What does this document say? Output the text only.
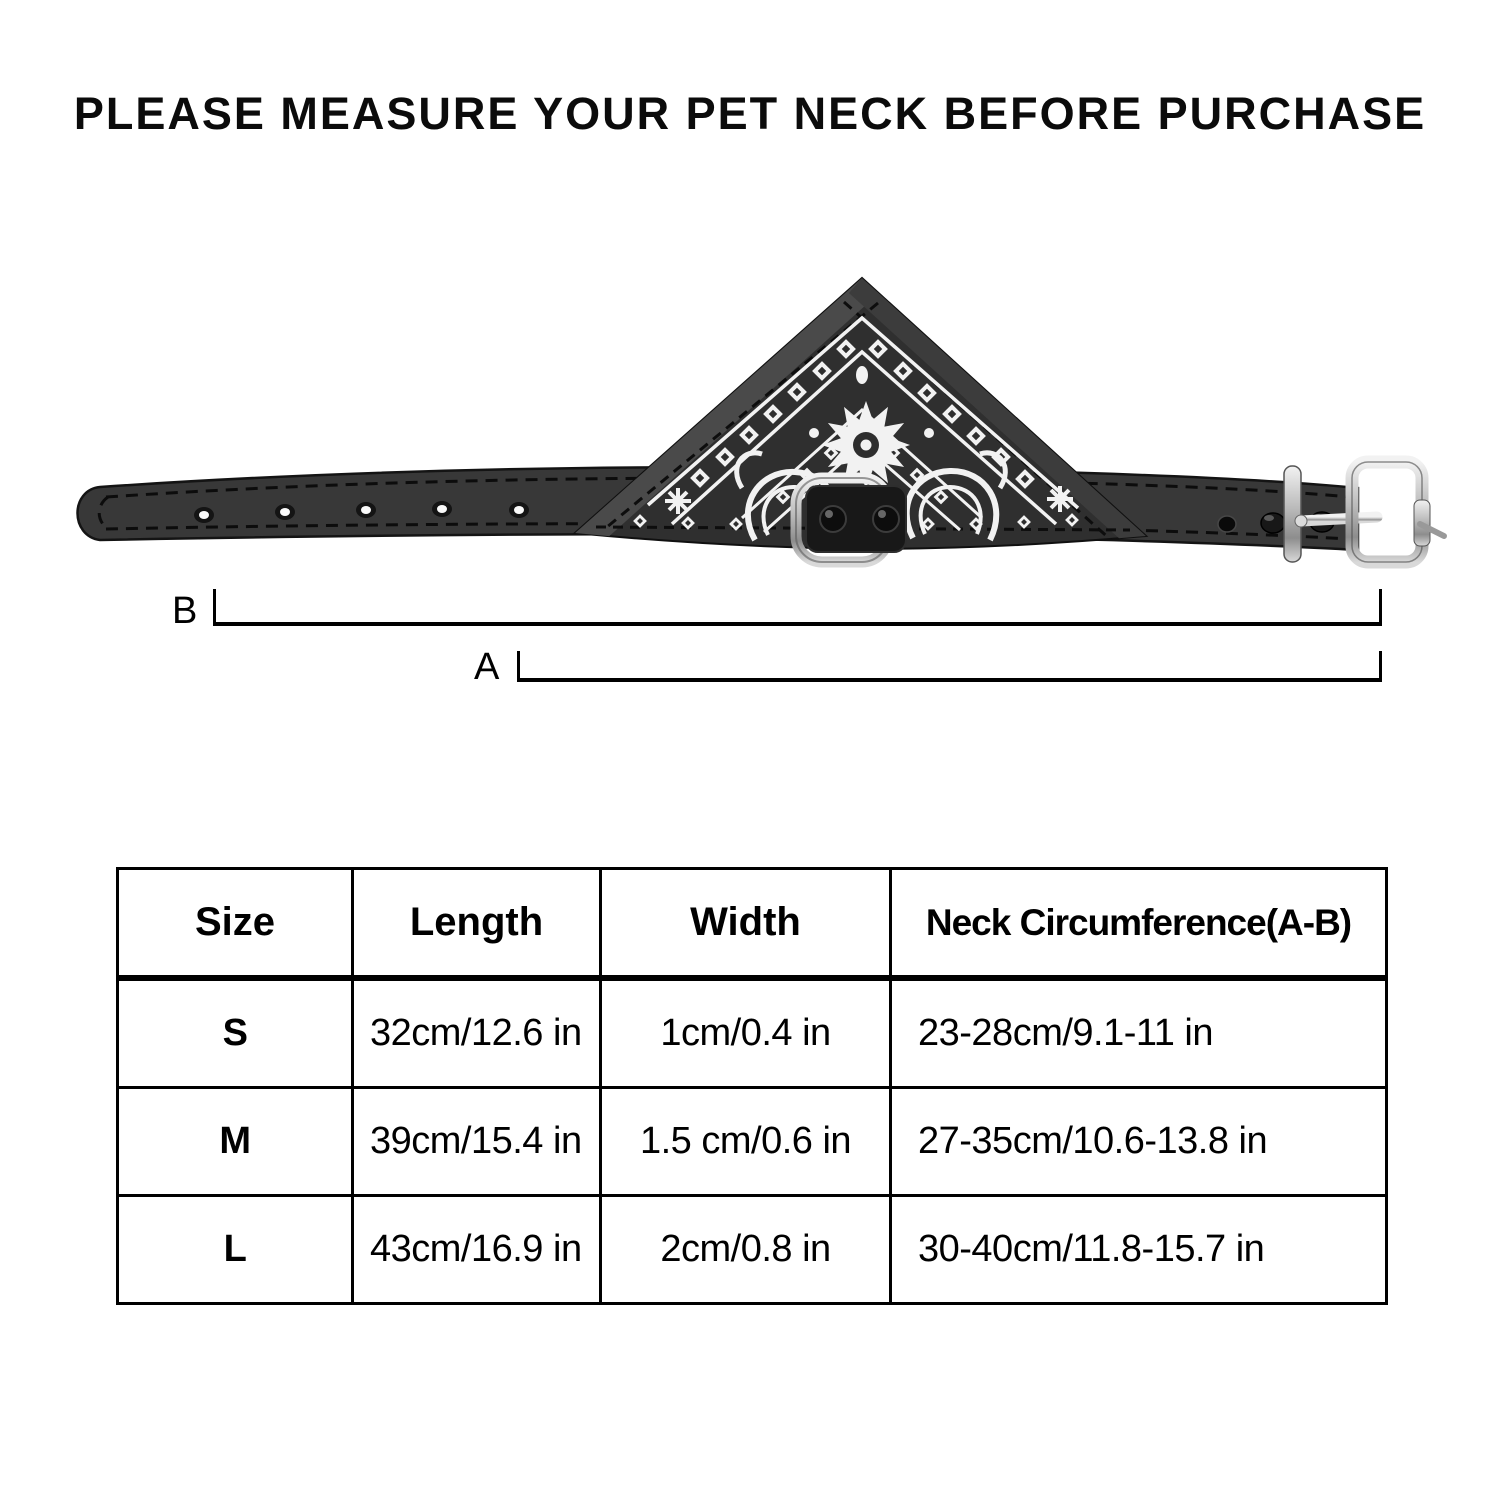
PLEASE MEASURE YOUR PET NECK BEFORE PURCHASE
B
A
Size	Length	Width	Neck Circumference(A-B)
S	32cm/12.6 in	1cm/0.4 in	23-28cm/9.1-11 in
M	39cm/15.4 in	1.5 cm/0.6 in	27-35cm/10.6-13.8 in
L	43cm/16.9 in	2cm/0.8 in	30-40cm/11.8-15.7 in
